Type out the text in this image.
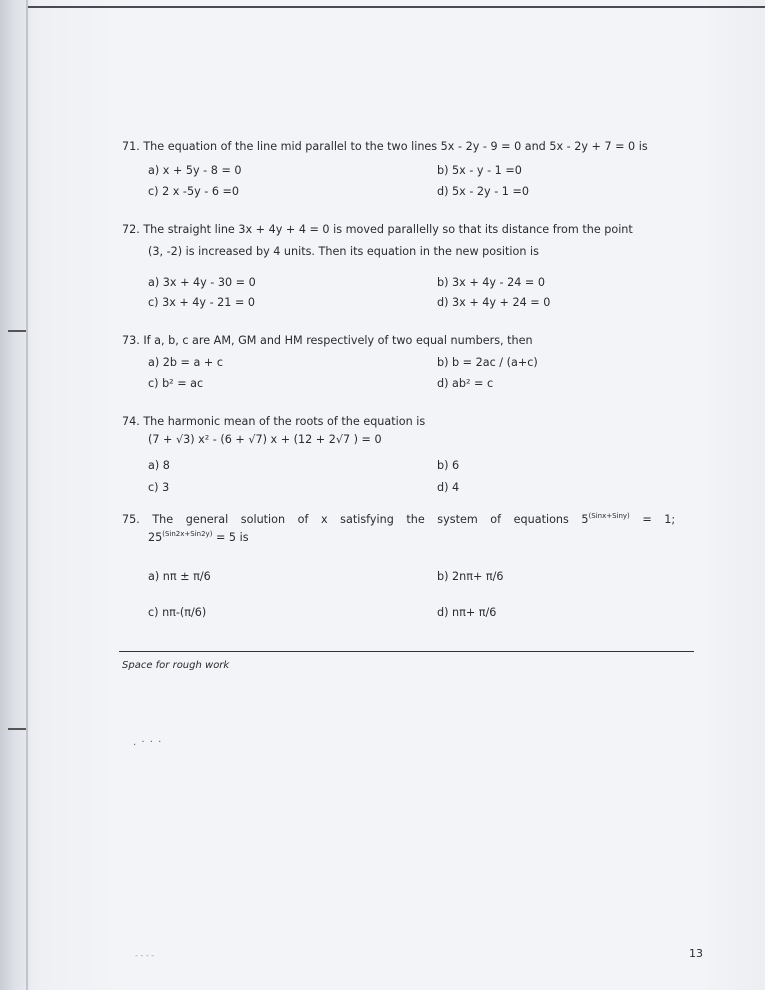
71. The equation of the line mid parallel to the two lines 5x - 2y - 9 = 0 and 5x - 2y + 7 = 0 is
a) x + 5y - 8 = 0	b) 5x - y - 1 =0
c) 2 x -5y - 6 =0	d) 5x - 2y - 1 =0
72. The straight line 3x + 4y + 4 = 0 is moved parallelly so that its distance from the point
(3, -2) is increased by 4 units. Then its equation in the new position is
a) 3x + 4y - 30 = 0	b) 3x + 4y - 24 = 0
c) 3x + 4y - 21 = 0	d) 3x + 4y + 24 = 0
73. If a, b, c are AM, GM and HM respectively of two equal numbers, then
a) 2b = a + c	b) b = 2ac / (a+c)
c) b² = ac	d) ab² = c
74. The harmonic mean of the roots of the equation is
(7 + √3) x² - (6 + √7) x + (12 + 2√7 ) = 0
a) 8	b) 6
c) 3	d) 4
75. The general solution of x satisfying the system of equations $5^{(Sinx+Siny)} = 1$;
$25^{(Sin2x+Sin2y)} = 5$ is
a) nπ ± π/6	b) 2nπ+ π/6
c) nπ-(π/6)	d) nπ+ π/6
Space for rough work
. · · ·
- - - -	13
